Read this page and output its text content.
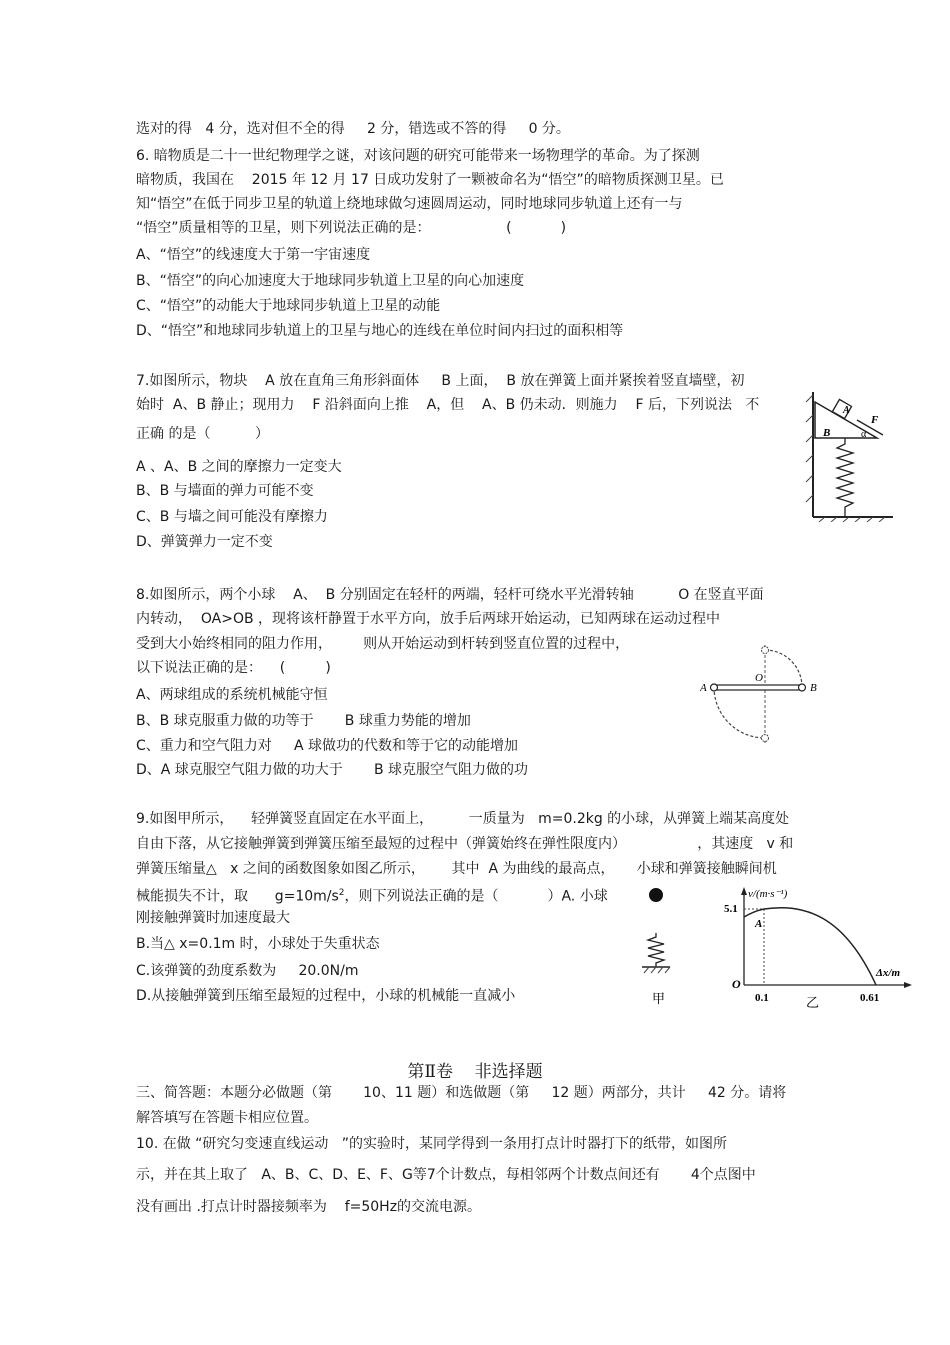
选对的得   4 分，选对但不全的得     2 分，错选或不答的得     0 分。
6. 暗物质是二十一世纪物理学之谜，对该问题的研究可能带来一场物理学的革命。为了探测
暗物质，我国在    2015 年 12 月 17 日成功发射了一颗被命名为“悟空”的暗物质探测卫星。已
知“悟空”在低于同步卫星的轨道上绕地球做匀速圆周运动，同时地球同步轨道上还有一与
“悟空”质量相等的卫星，则下列说法正确的是：                 (           )
A、“悟空”的线速度大于第一宇宙速度
B、“悟空”的向心加速度大于地球同步轨道上卫星的向心加速度
C、“悟空”的动能大于地球同步轨道上卫星的动能
D、“悟空”和地球同步轨道上的卫星与地心的连线在单位时间内扫过的面积相等
7.如图所示，物块    A 放在直角三角形斜面体     B 上面，  B 放在弹簧上面并紧挨着竖直墙壁，初
始时  A、B 静止；现用力    F 沿斜面向上推    A，但    A、B 仍未动．则施力    F 后，下列说法   不
正确 的是（          ）
A 、A、B 之间的摩擦力一定变大
B、B 与墙面的弹力可能不变
C、B 与墙之间可能没有摩擦力
D、弹簧弹力一定不变
8.如图所示，两个小球    A、  B 分别固定在轻杆的两端，轻杆可绕水平光滑转轴          O 在竖直平面
内转动，  OA>OB ，现将该杆静置于水平方向，放手后两球开始运动，已知两球在运动过程中
受到大小始终相同的阻力作用，       则从开始运动到杆转到竖直位置的过程中，
以下说法正确的是：    (         )
A、两球组成的系统机械能守恒
B、B 球克服重力做的功等于       B 球重力势能的增加
C、重力和空气阻力对     A 球做功的代数和等于它的动能增加
D、A 球克服空气阻力做的功大于       B 球克服空气阻力做的功
9.如图甲所示，    轻弹簧竖直固定在水平面上，        一质量为   m=0.2kg 的小球，从弹簧上端某高度处
自由下落，从它接触弹簧到弹簧压缩至最短的过程中（弹簧始终在弹性限度内）                ，其速度   v 和
弹簧压缩量△   x 之间的函数图象如图乙所示，      其中  A 为曲线的最高点，     小球和弹簧接触瞬间机
械能损失不计，取      $g=10m/s^2$，则下列说法正确的是（           ）A. 小球
刚接触弹簧时加速度最大
B.当△ x=0.1m 时，小球处于失重状态
C.该弹簧的劲度系数为     20.0N/m
D.从接触弹簧到压缩至最短的过程中，小球的机械能一直减小
第Ⅱ卷    非选择题
三、简答题：本题分必做题（第       10、11 题）和选做题（第     12 题）两部分，共计     42 分。请将
解答填写在答题卡相应位置。
10. 在做 “研究匀变速直线运动   ”的实验时，某同学得到一条用打点计时器打下的纸带，如图所
示，并在其上取了   A、B、C、D、E、F、G等7个计数点，每相邻两个计数点间还有       4个点图中
没有画出 .打点计时器接频率为    f=50Hz的交流电源。
A
B
F
α
A
O
B
甲
v/(m·s⁻¹)
5.1
Δx/m
A
O
0.1	0.61
乙
